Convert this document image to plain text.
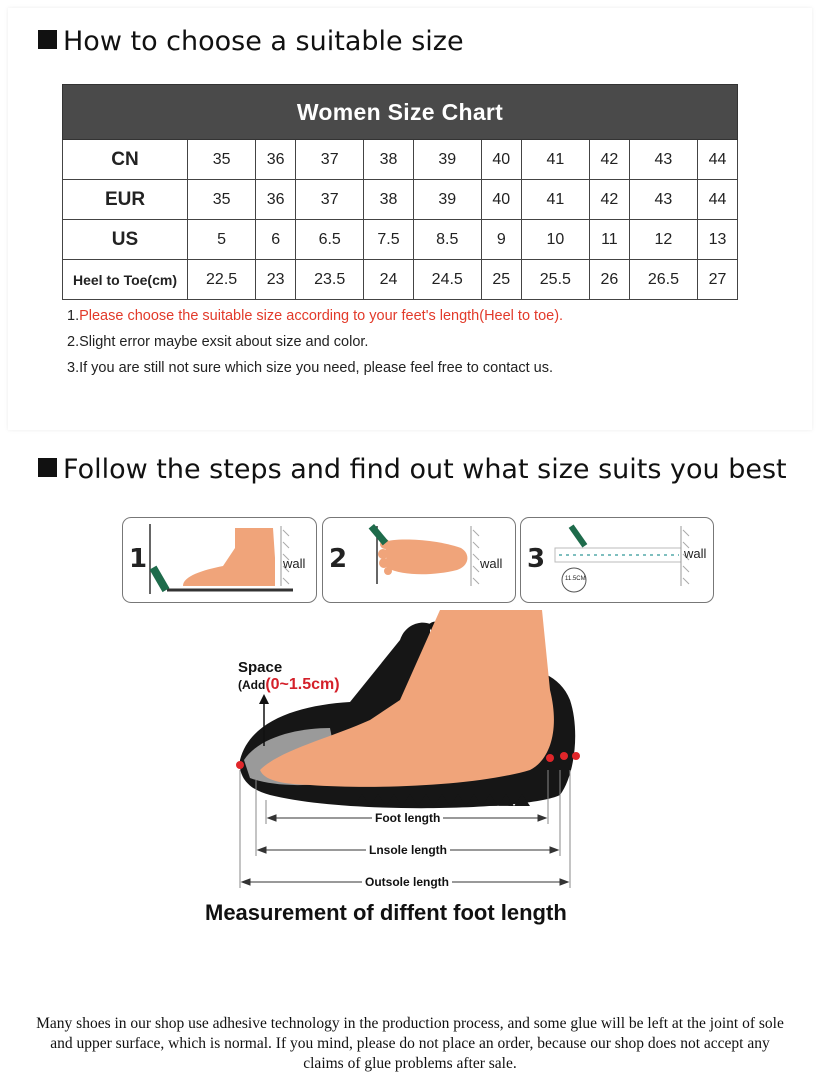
How to choose a suitable size
Women Size Chart										
CN	35	36	37	38	39	40	41	42	43	44
EUR	35	36	37	38	39	40	41	42	43	44
US	5	6	6.5	7.5	8.5	9	10	11	12	13
Heel to Toe(cm)	22.5	23	23.5	24	24.5	25	25.5	26	26.5	27
1.Please choose the suitable size according to your feet's length(Heel to toe).
2.Slight error maybe exsit about size and color.
3.If you are still not sure which size you need, please feel free to contact us.
Follow the steps and find out what size suits you best
1	wall 2	wall 3	wall
11.5CM
Space
(Add(0~1.5cm)
Foot length
Lnsole length
Outsole length
Measurement of diffent foot length
Many shoes in our shop use adhesive technology in the production process, and some glue will be left at the joint of sole and upper surface, which is normal. If you mind, please do not place an order, because our shop does not accept any claims of glue problems after sale.
